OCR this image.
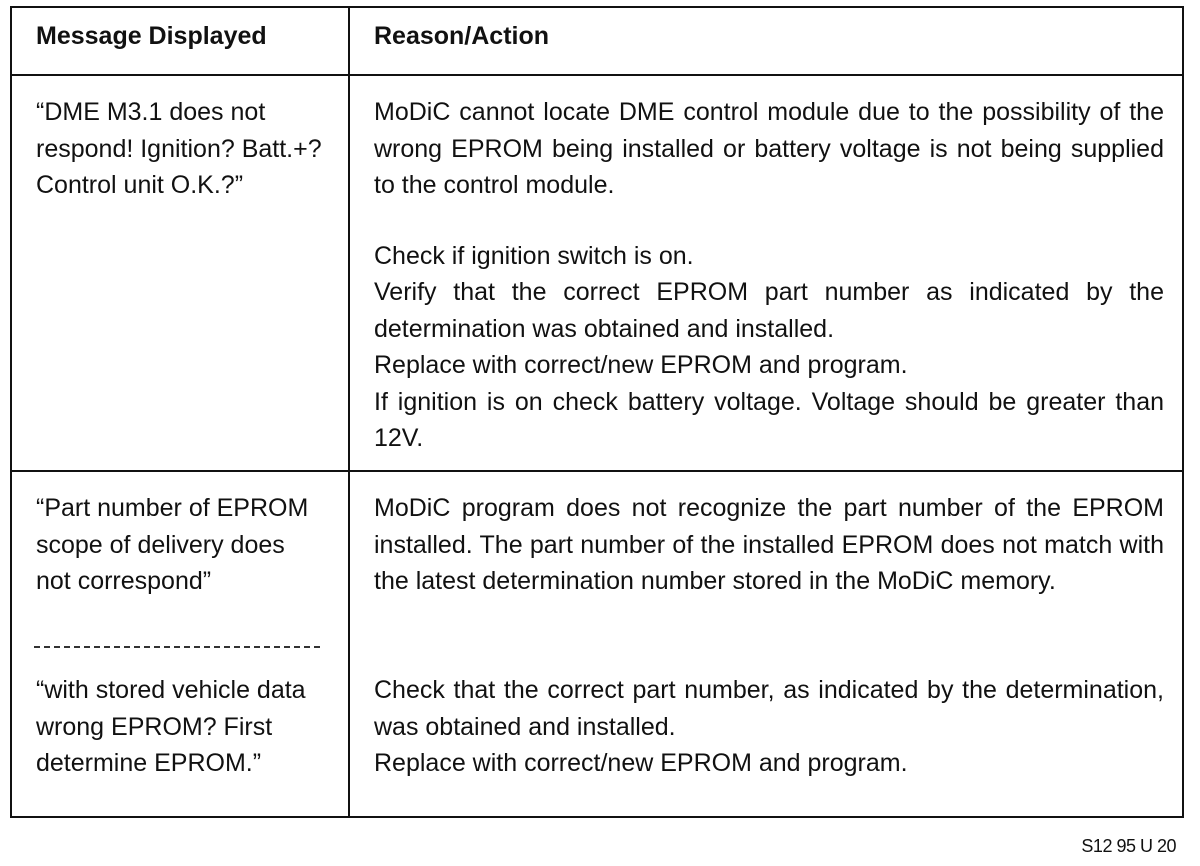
Message Displayed	Reason/Action
“DME M3.1 does not respond! Ignition? Batt.+? Control unit O.K.?”

MoDiC cannot locate DME control module due to the possibility of the wrong EPROM being installed or battery voltage is not being supplied to the control module.

Check if ignition switch is on.

Verify that the correct EPROM part number as indicated by the determination was obtained and installed.

Replace with correct/new EPROM and program.

If ignition is on check battery voltage. Voltage should be greater than 12V.

“Part number of EPROM scope of delivery does not correspond”
MoDiC program does not recognize the part number of the EPROM installed. The part number of the installed EPROM does not match with the latest determination number stored in the MoDiC memory.
“with stored vehicle data wrong EPROM? First determine EPROM.”

Check that the correct part number, as indicated by the determination, was obtained and installed.

Replace with correct/new EPROM and program.

S12 95 U 20
